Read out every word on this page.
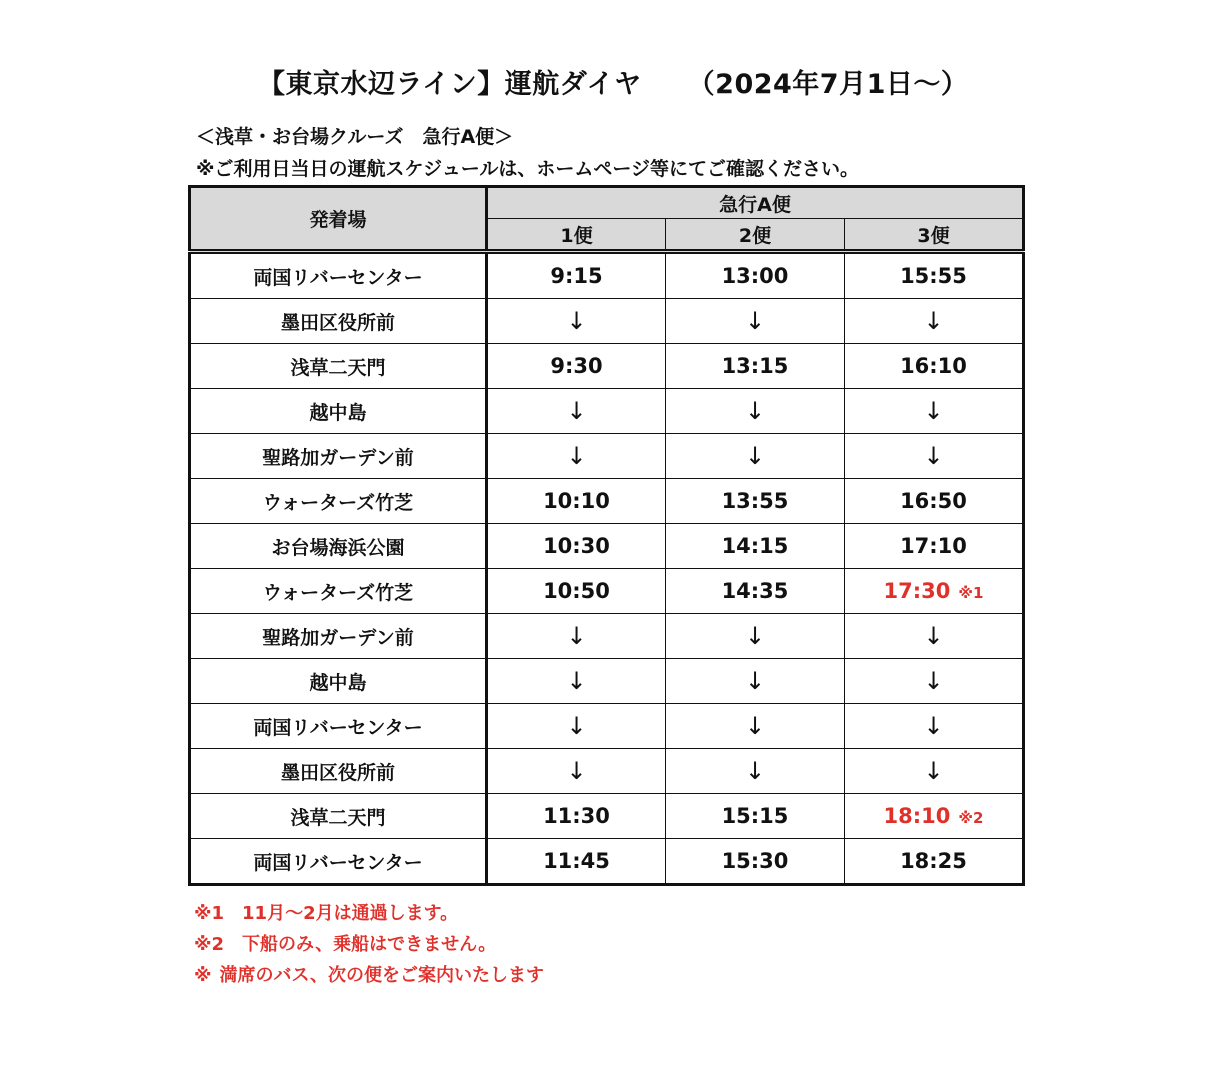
【東京水辺ライン】運航ダイヤ （2024年7月1日～）
＜浅草・お台場クルーズ　急行A便＞
※ご利用日当日の運航スケジュールは、ホームページ等にてご確認ください。
発着場	急行A便		
	1便	2便	3便
両国リバーセンター	9:15	13:00	15:55
墨田区役所前	↓	↓	↓
浅草二天門	9:30	13:15	16:10
越中島	↓	↓	↓
聖路加ガーデン前	↓	↓	↓
ウォーターズ竹芝	10:10	13:55	16:50
お台場海浜公園	10:30	14:15	17:10
ウォーターズ竹芝	10:50	14:35	17:30 ※1
聖路加ガーデン前	↓	↓	↓
越中島	↓	↓	↓
両国リバーセンター	↓	↓	↓
墨田区役所前	↓	↓	↓
浅草二天門	11:30	15:15	18:10 ※2
両国リバーセンター	11:45	15:30	18:25
※1 11月～2月は通過します。
※2 下船のみ、乗船はできません。
※ 満席のバス、次の便をご案内いたします
